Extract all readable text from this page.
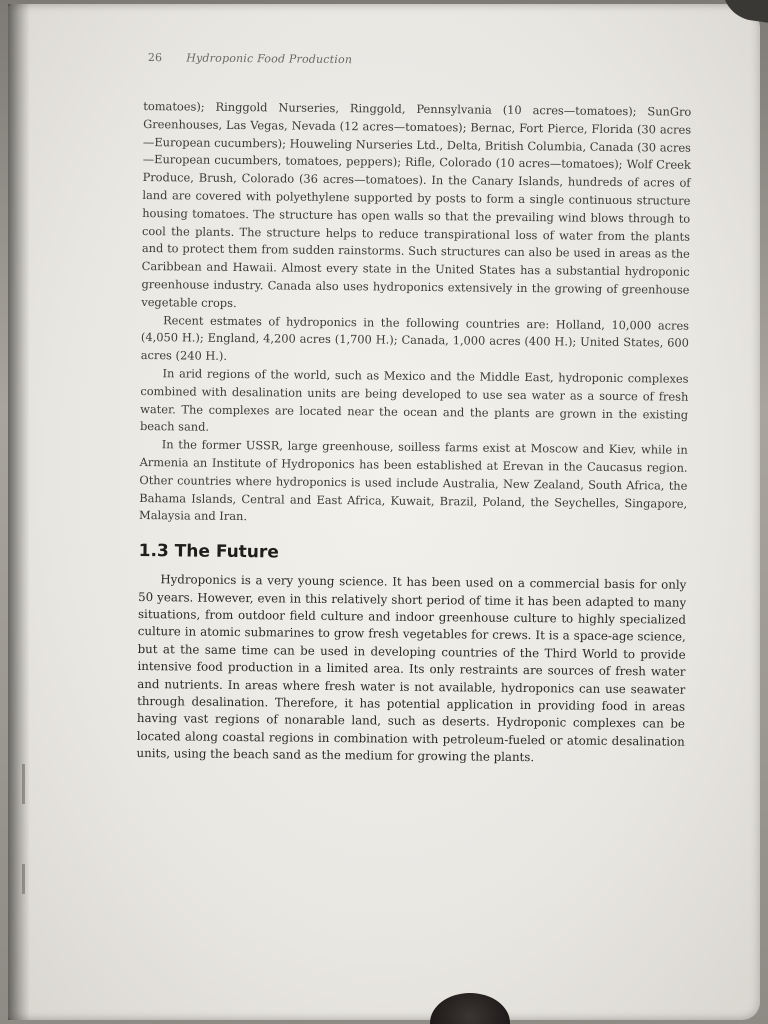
26 Hydroponic Food Production

tomatoes); Ringgold Nurseries, Ringgold, Pennsylvania (10 acres—tomatoes); SunGro Greenhouses, Las Vegas, Nevada (12 acres—tomatoes); Bernac, Fort Pierce, Florida (30 acres—European cucumbers); Houweling Nurseries Ltd., Delta, British Columbia, Canada (30 acres—European cucumbers, tomatoes, peppers); Rifle, Colorado (10 acres—tomatoes); Wolf Creek Produce, Brush, Colorado (36 acres—tomatoes). In the Canary Islands, hundreds of acres of land are covered with polyethylene supported by posts to form a single continuous structure housing tomatoes. The structure has open walls so that the prevailing wind blows through to cool the plants. The structure helps to reduce transpirational loss of water from the plants and to protect them from sudden rainstorms. Such structures can also be used in areas as the Caribbean and Hawaii. Almost every state in the United States has a substantial hydroponic greenhouse industry. Canada also uses hydroponics extensively in the growing of greenhouse vegetable crops.

Recent estmates of hydroponics in the following countries are: Holland, 10,000 acres (4,050 H.); England, 4,200 acres (1,700 H.); Canada, 1,000 acres (400 H.); United States, 600 acres (240 H.).

In arid regions of the world, such as Mexico and the Middle East, hydroponic complexes combined with desalination units are being developed to use sea water as a source of fresh water. The complexes are located near the ocean and the plants are grown in the existing beach sand.

In the former USSR, large greenhouse, soilless farms exist at Moscow and Kiev, while in Armenia an Institute of Hydroponics has been established at Erevan in the Caucasus region. Other countries where hydroponics is used include Australia, New Zealand, South Africa, the Bahama Islands, Central and East Africa, Kuwait, Brazil, Poland, the Seychelles, Singapore, Malaysia and Iran.

1.3 The Future

Hydroponics is a very young science. It has been used on a commercial basis for only 50 years. However, even in this relatively short period of time it has been adapted to many situations, from outdoor field culture and indoor greenhouse culture to highly specialized culture in atomic submarines to grow fresh vegetables for crews. It is a space-age science, but at the same time can be used in developing countries of the Third World to provide intensive food production in a limited area. Its only restraints are sources of fresh water and nutrients. In areas where fresh water is not available, hydroponics can use seawater through desalination. Therefore, it has potential application in providing food in areas having vast regions of nonarable land, such as deserts. Hydroponic complexes can be located along coastal regions in combination with petroleum-fueled or atomic desalination units, using the beach sand as the medium for growing the plants.
